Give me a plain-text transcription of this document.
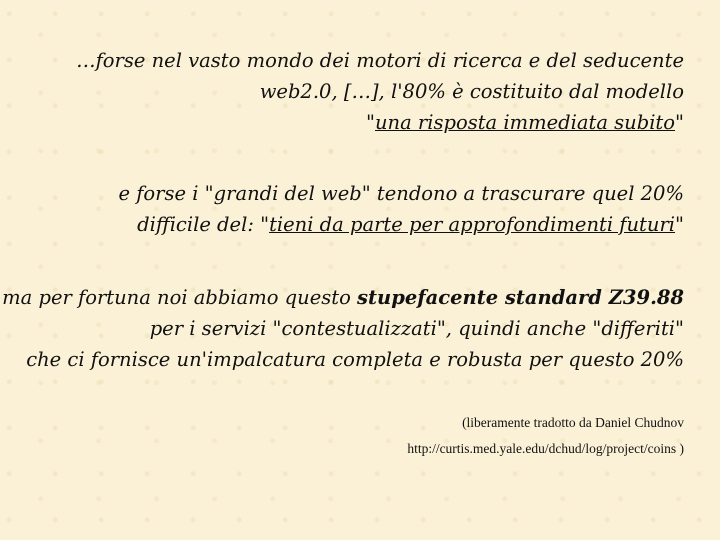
…forse nel vasto mondo dei motori di ricerca e del seducente
web2.0, […], l'80% è costituito dal modello
"una risposta immediata subito"
e forse i "grandi del web" tendono a trascurare quel 20%
difficile del: "tieni da parte per approfondimenti futuri"
ma per fortuna noi abbiamo questo stupefacente standard Z39.88
per i servizi "contestualizzati", quindi anche "differiti"
che ci fornisce un'impalcatura completa e robusta per questo 20%
(liberamente tradotto da Daniel Chudnov
http://curtis.med.yale.edu/dchud/log/project/coins )
